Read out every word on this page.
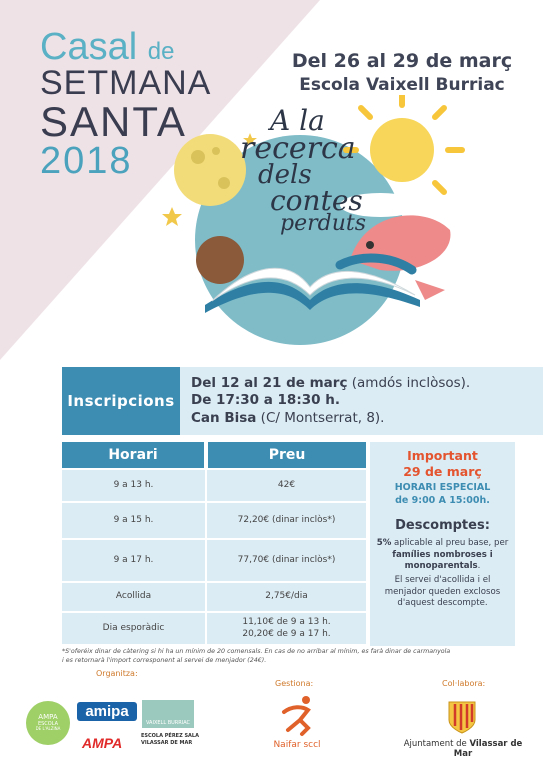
Casal de
SETMANA
SANTA
2018
Del 26 al 29 de març
Escola Vaixell Burriac
A la
recerca
dels
contes
perduts
Inscripcions
Del 12 al 21 de març (amdós inclòsos).
De 17:30 a 18:30 h.
Can Bisa (C/ Montserrat, 8).
Horari	Preu
9 a 13 h.	42€
9 a 15 h.	72,20€ (dinar inclòs*)
9 a 17 h.	77,70€ (dinar inclòs*)
Acollida	2,75€/dia
Dia esporàdic
11,10€ de 9 a 13 h.
20,20€ de 9 a 17 h.
Important
29 de març
HORARI ESPECIAL
de 9:00 A 15:00h.
Descomptes:
5% aplicable al preu base, per famílies nombroses i monoparentals.
El servei d'acollida i el menjador queden exclosos d'aquest descompte.
*S'oferéix dinar de càtering si hi ha un mínim de 20 comensals. En cas de no arribar al mínim, es farà dinar de carmanyola
i es retornarà l'import corresponent al servei de menjador (24€).
Organitza:
Gestiona:	Col·labora:
AMPA
ESCOLA
DE L'ALZINA
amipa
AMPA
VAIXELL BURRIAC
ESCOLA PÉREZ SALA
VILASSAR DE MAR	Naifar sccl	Ajuntament de Vilassar de Mar
